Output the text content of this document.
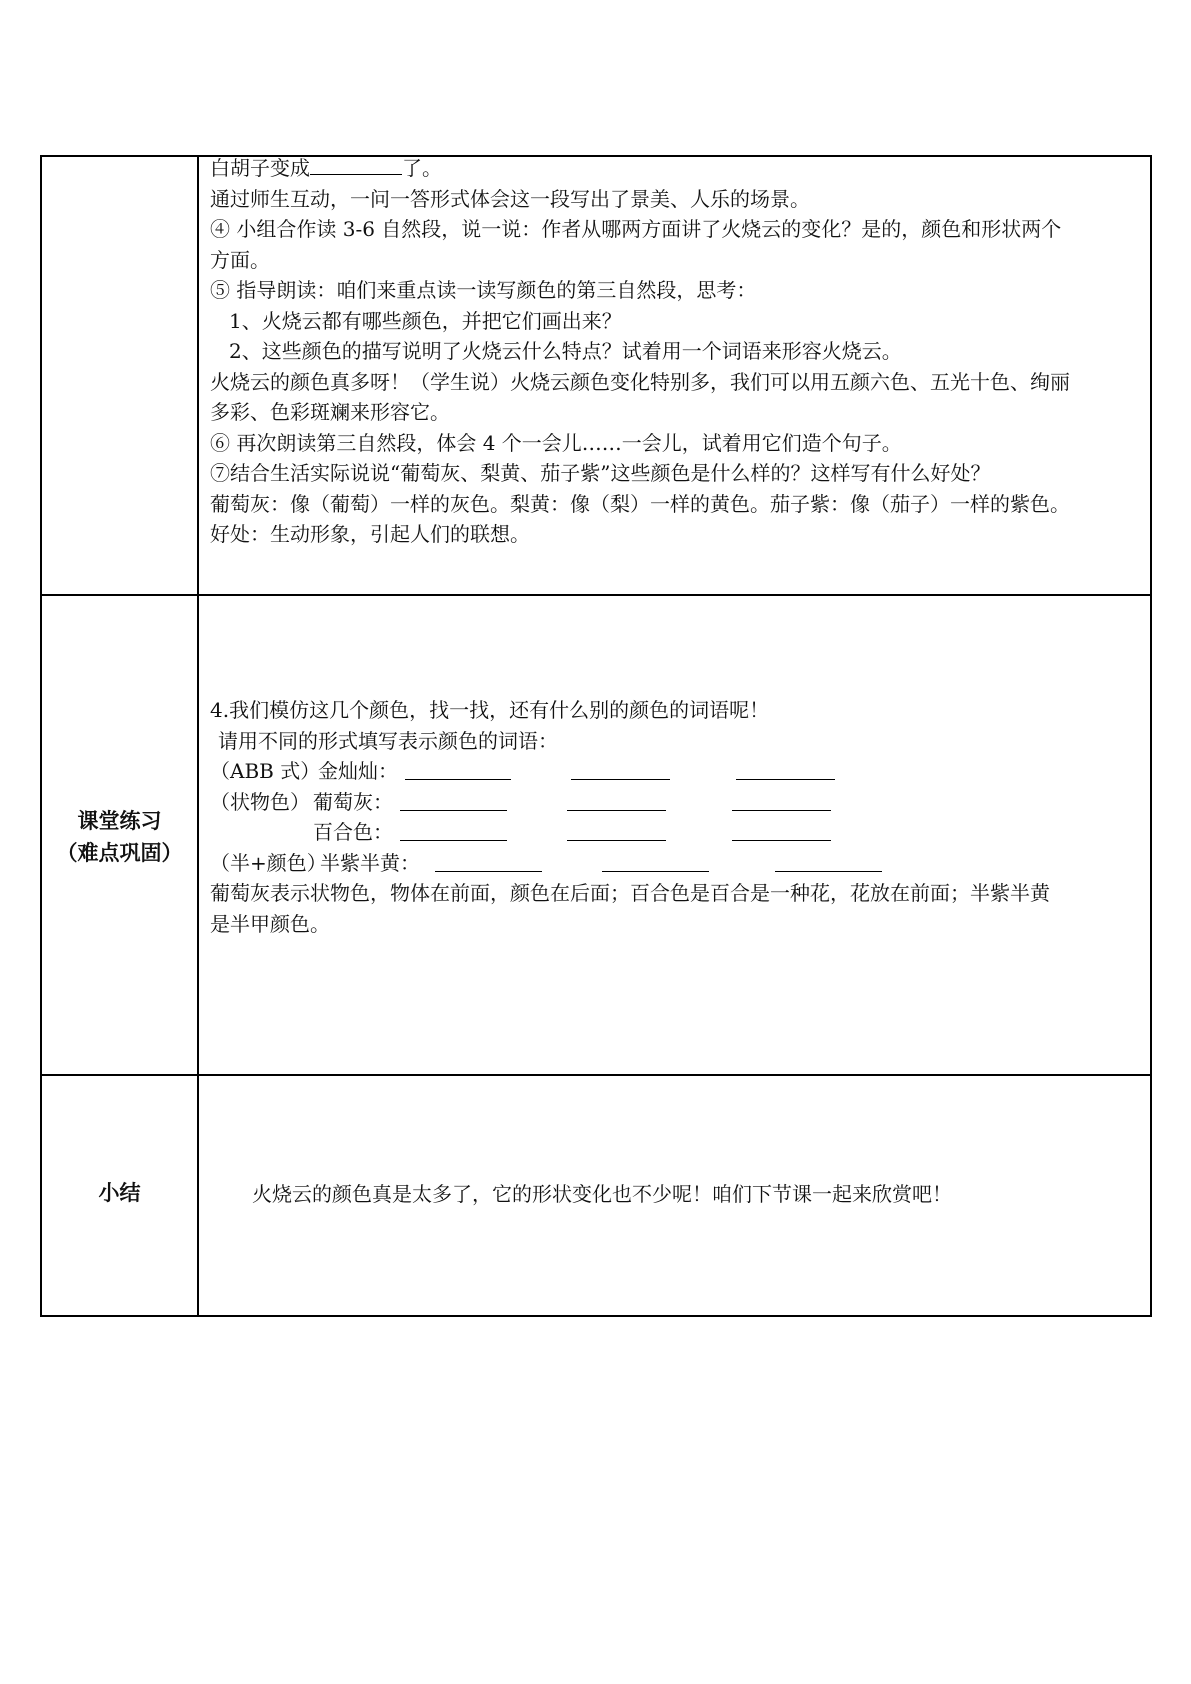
白胡子变成	了。
通过师生互动，一问一答形式体会这一段写出了景美、人乐的场景。
④ 小组合作读 3-6 自然段，说一说：作者从哪两方面讲了火烧云的变化？是的，颜色和形状两个
方面。
⑤ 指导朗读：咱们来重点读一读写颜色的第三自然段，思考：
1、火烧云都有哪些颜色，并把它们画出来？
2、这些颜色的描写说明了火烧云什么特点？试着用一个词语来形容火烧云。
火烧云的颜色真多呀！（学生说）火烧云颜色变化特别多，我们可以用五颜六色、五光十色、绚丽
多彩、色彩斑斓来形容它。
⑥ 再次朗读第三自然段，体会 4 个一会儿……一会儿，试着用它们造个句子。
⑦结合生活实际说说“葡萄灰、梨黄、茄子紫”这些颜色是什么样的？这样写有什么好处？
葡萄灰：像（葡萄）一样的灰色。梨黄：像（梨）一样的黄色。茄子紫：像（茄子）一样的紫色。
好处：生动形象，引起人们的联想。
课堂练习
（难点巩固）
4.我们模仿这几个颜色，找一找，还有什么别的颜色的词语呢！
请用不同的形式填写表示颜色的词语：
（ABB 式）
金灿灿：
（状物色） 葡萄灰：
百合色：
（半+颜色）
半紫半黄：
葡萄灰表示状物色，物体在前面，颜色在后面；百合色是百合是一种花，花放在前面；半紫半黄
是半甲颜色。
小结	火烧云的颜色真是太多了，它的形状变化也不少呢！咱们下节课一起来欣赏吧！
